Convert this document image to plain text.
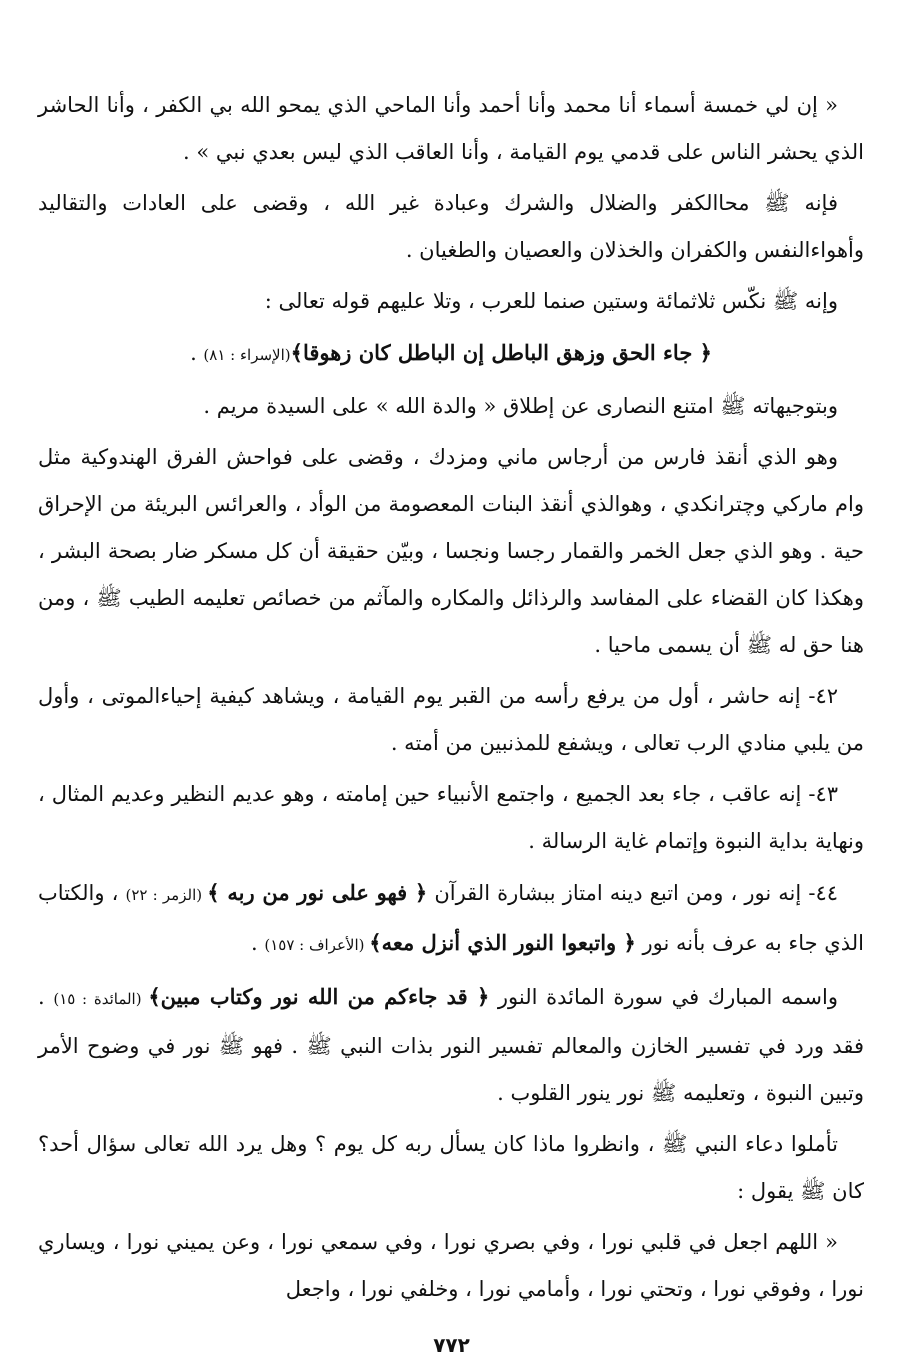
« إن لي خمسة أسماء أنا محمد وأنا أحمد وأنا الماحي الذي يمحو الله بي الكفر ، وأنا الحاشر الذي يحشر الناس على قدمي يوم القيامة ، وأنا العاقب الذي ليس بعدي نبي » .

فإنه ﷺ محاالكفر والضلال والشرك وعبادة غير الله ، وقضى على العادات والتقاليد وأهواءالنفس والكفران والخذلان والعصيان والطغيان .

وإنه ﷺ نكّس ثلاثمائة وستين صنما للعرب ، وتلا عليهم قوله تعالى :

﴿ جاء الحق وزهق الباطل إن الباطل كان زهوقا﴾(الإسراء : ٨١) .

وبتوجيهاته ﷺ امتنع النصارى عن إطلاق « والدة الله » على السيدة مريم .

وهو الذي أنقذ فارس من أرجاس ماني ومزدك ، وقضى على فواحش الفرق الهندوكية مثل وام ماركي وچترانكدي ، وهوالذي أنقذ البنات المعصومة من الوأد ، والعرائس البريئة من الإحراق حية . وهو الذي جعل الخمر والقمار رجسا ونجسا ، وبيّن حقيقة أن كل مسكر ضار بصحة البشر ، وهكذا كان القضاء على المفاسد والرذائل والمكاره والمآثم من خصائص تعليمه الطيب ﷺ ، ومن هنا حق له ﷺ أن يسمى ماحيا .

٤٢- إنه حاشر ، أول من يرفع رأسه من القبر يوم القيامة ، ويشاهد كيفية إحياءالموتى ، وأول من يلبي منادي الرب تعالى ، ويشفع للمذنبين من أمته .

٤٣- إنه عاقب ، جاء بعد الجميع ، واجتمع الأنبياء حين إمامته ، وهو عديم النظير وعديم المثال ، ونهاية بداية النبوة وإتمام غاية الرسالة .

٤٤- إنه نور ، ومن اتبع دينه امتاز ببشارة القرآن ﴿ فهو على نور من ربه ﴾ (الزمر : ٢٢) ، والكتاب الذي جاء به عرف بأنه نور ﴿ واتبعوا النور الذي أنزل معه﴾ (الأعراف : ١٥٧) .

واسمه المبارك في سورة المائدة النور ﴿ قد جاءكم من الله نور وكتاب مبين﴾ (المائدة : ١٥) . فقد ورد في تفسير الخازن والمعالم تفسير النور بذات النبي ﷺ . فهو ﷺ نور في وضوح الأمر وتبين النبوة ، وتعليمه ﷺ نور ينور القلوب .

تأملوا دعاء النبي ﷺ ، وانظروا ماذا كان يسأل ربه كل يوم ؟ وهل يرد الله تعالى سؤال أحد؟ كان ﷺ يقول :

« اللهم اجعل في قلبي نورا ، وفي بصري نورا ، وفي سمعي نورا ، وعن يميني نورا ، ويساري نورا ، وفوقي نورا ، وتحتي نورا ، وأمامي نورا ، وخلفي نورا ، واجعل

٧٧٢
